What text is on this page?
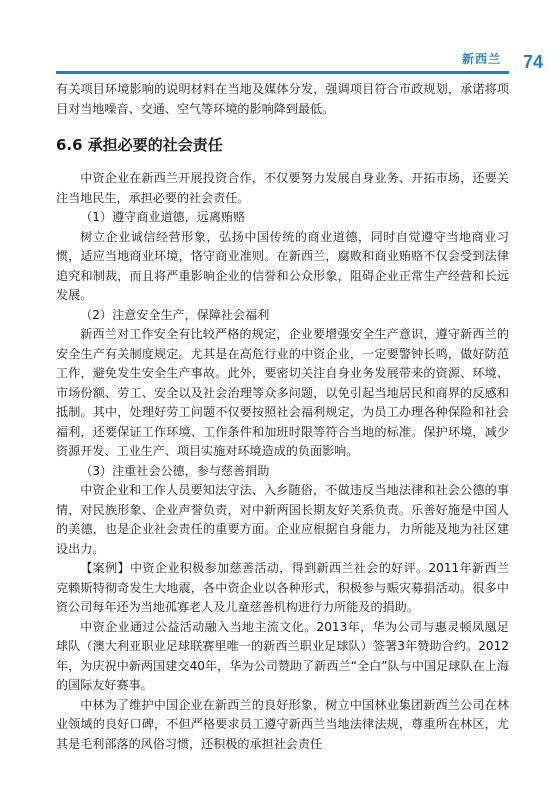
新西兰 74

有关项目环境影响的说明材料在当地及媒体分发，强调项目符合市政规划，承诺将项目对当地噪音、交通、空气等环境的影响降到最低。

6.6 承担必要的社会责任

中资企业在新西兰开展投资合作，不仅要努力发展自身业务、开拓市场，还要关注当地民生，承担必要的社会责任。

（1）遵守商业道德，远离贿赂

树立企业诚信经营形象，弘扬中国传统的商业道德，同时自觉遵守当地商业习惯，适应当地商业环境，恪守商业准则。在新西兰，腐败和商业贿赂不仅会受到法律追究和制裁，而且将严重影响企业的信誉和公众形象，阻碍企业正常生产经营和长远发展。

（2）注意安全生产，保障社会福利

新西兰对工作安全有比较严格的规定，企业要增强安全生产意识，遵守新西兰的安全生产有关制度规定。尤其是在高危行业的中资企业，一定要警钟长鸣，做好防范工作，避免发生安全生产事故。此外，要密切关注自身业务发展带来的资源、环境、市场份额、劳工、安全以及社会治理等众多问题，以免引起当地居民和商界的反感和抵制。其中，处理好劳工问题不仅要按照社会福利规定，为员工办理各种保险和社会福利，还要保证工作环境、工作条件和加班时限等符合当地的标准。保护环境，减少资源开发、工业生产、项目实施对环境造成的负面影响。

（3）注重社会公德，参与慈善捐助

中资企业和工作人员要知法守法、入乡随俗，不做违反当地法律和社会公德的事情，对民族形象、企业声誉负责，对中新两国长期友好关系负责。乐善好施是中国人的美德，也是企业社会责任的重要方面。企业应根据自身能力，力所能及地为社区建设出力。

【案例】中资企业积极参加慈善活动，得到新西兰社会的好评。2011年新西兰克赖斯特彻奇发生大地震，各中资企业以各种形式，积极参与赈灾募捐活动。很多中资公司每年还为当地孤寡老人及儿童慈善机构进行力所能及的捐助。

中资企业通过公益活动融入当地主流文化。2013年，华为公司与惠灵顿凤凰足球队（澳大利亚职业足球联赛里唯一的新西兰职业足球队）签署3年赞助合约。2012年，为庆祝中新两国建交40年，华为公司赞助了新西兰“全白”队与中国足球队在上海的国际友好赛事。

中林为了维护中国企业在新西兰的良好形象，树立中国林业集团新西兰公司在林业领域的良好口碑，不但严格要求员工遵守新西兰当地法律法规，尊重所在林区，尤其是毛利部落的风俗习惯，还积极的承担社会责任
